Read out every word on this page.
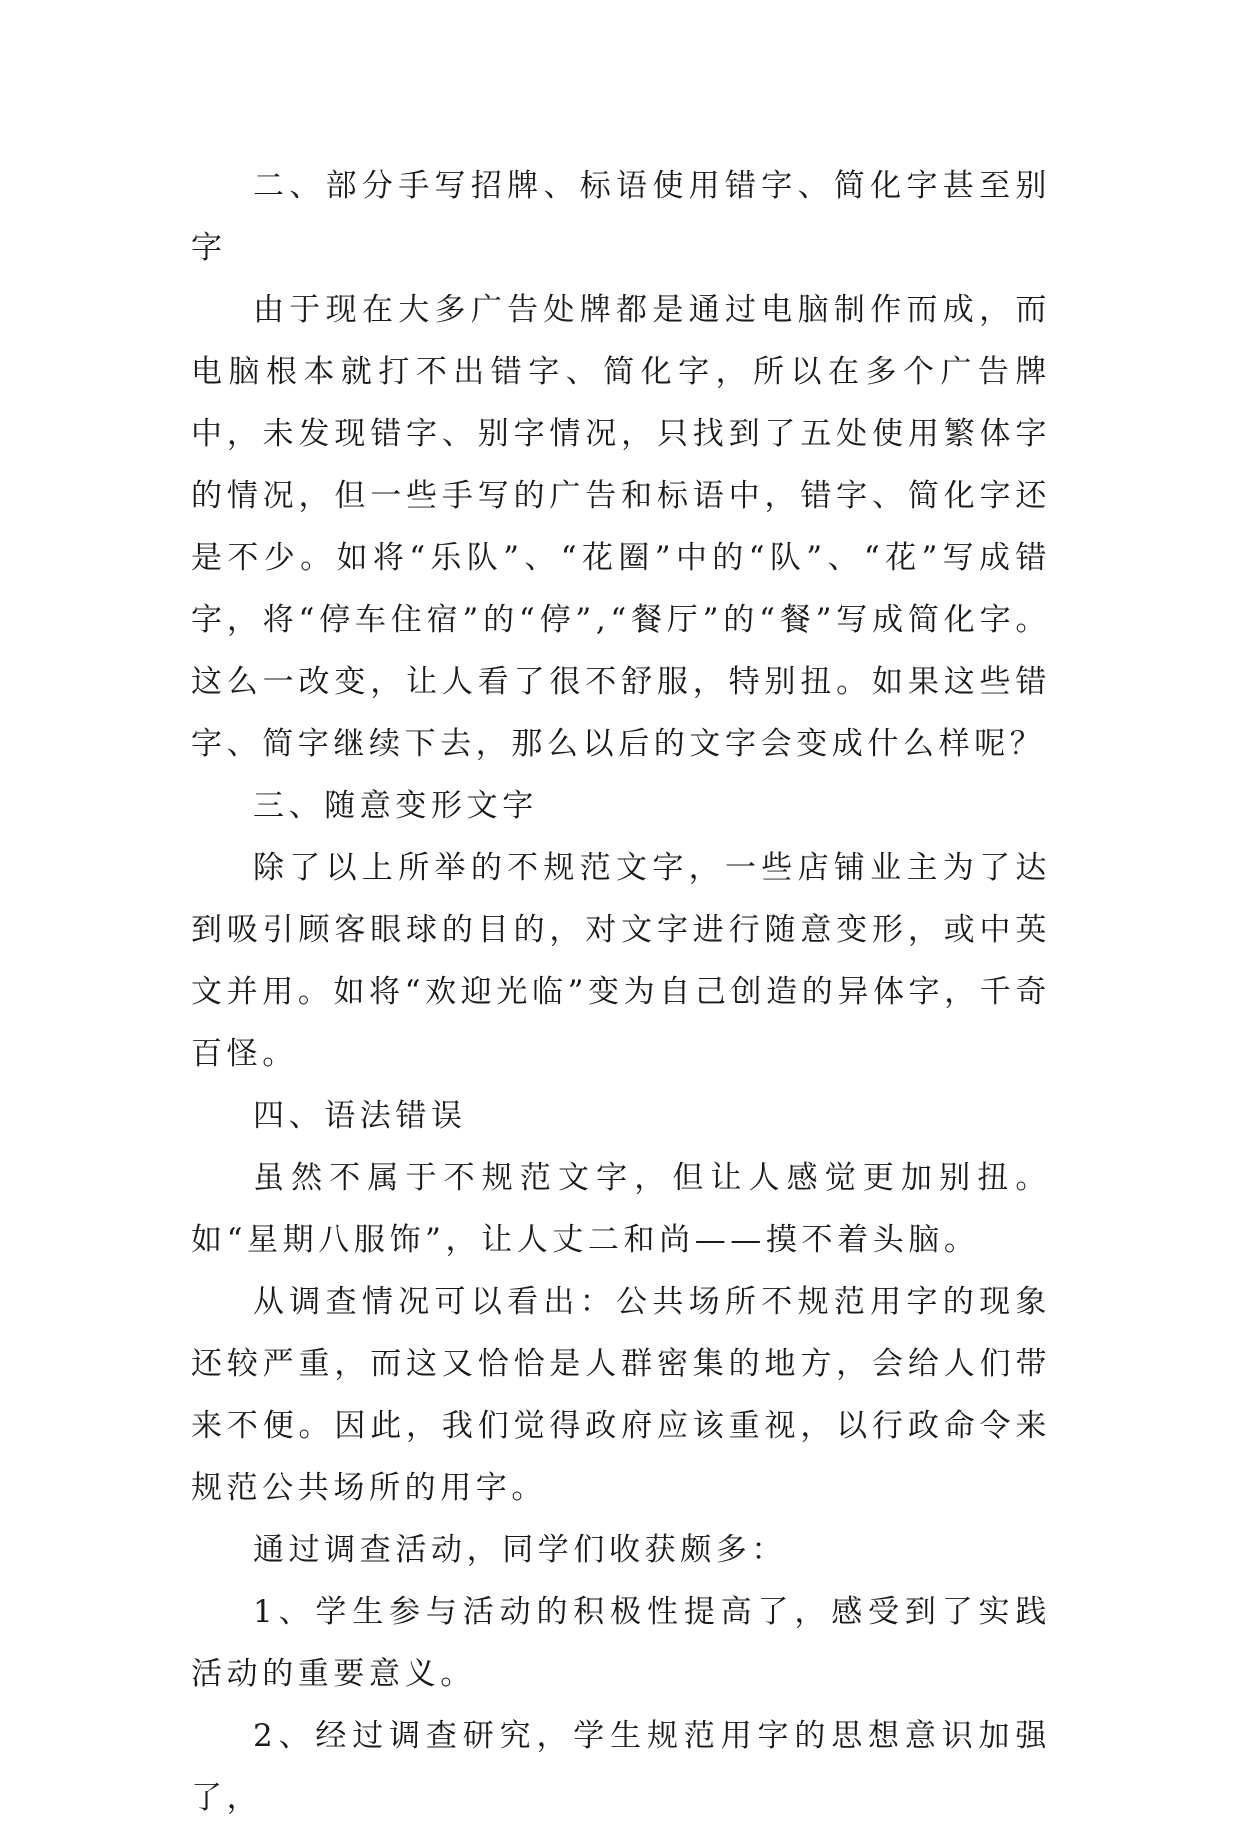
二、部分手写招牌、标语使用错字、简化字甚至别字

由于现在大多广告处牌都是通过电脑制作而成，而电脑根本就打不出错字、简化字，所以在多个广告牌中，未发现错字、别字情况，只找到了五处使用繁体字的情况，但一些手写的广告和标语中，错字、简化字还是不少。如将“乐队”、“花圈”中的“队”、“花”写成错字，将“停车住宿”的“停”,“餐厅”的“餐”写成简化字。这么一改变，让人看了很不舒服，特别扭。如果这些错字、简字继续下去，那么以后的文字会变成什么样呢？

三、随意变形文字

除了以上所举的不规范文字，一些店铺业主为了达到吸引顾客眼球的目的，对文字进行随意变形，或中英文并用。如将“欢迎光临”变为自己创造的异体字，千奇百怪。

四、语法错误

虽然不属于不规范文字，但让人感觉更加别扭。如“星期八服饰”，让人丈二和尚——摸不着头脑。

从调查情况可以看出：公共场所不规范用字的现象还较严重，而这又恰恰是人群密集的地方，会给人们带来不便。因此，我们觉得政府应该重视，以行政命令来规范公共场所的用字。

通过调查活动，同学们收获颇多：

1、学生参与活动的积极性提高了，感受到了实践活动的重要意义。

2、经过调查研究，学生规范用字的思想意识加强了，
